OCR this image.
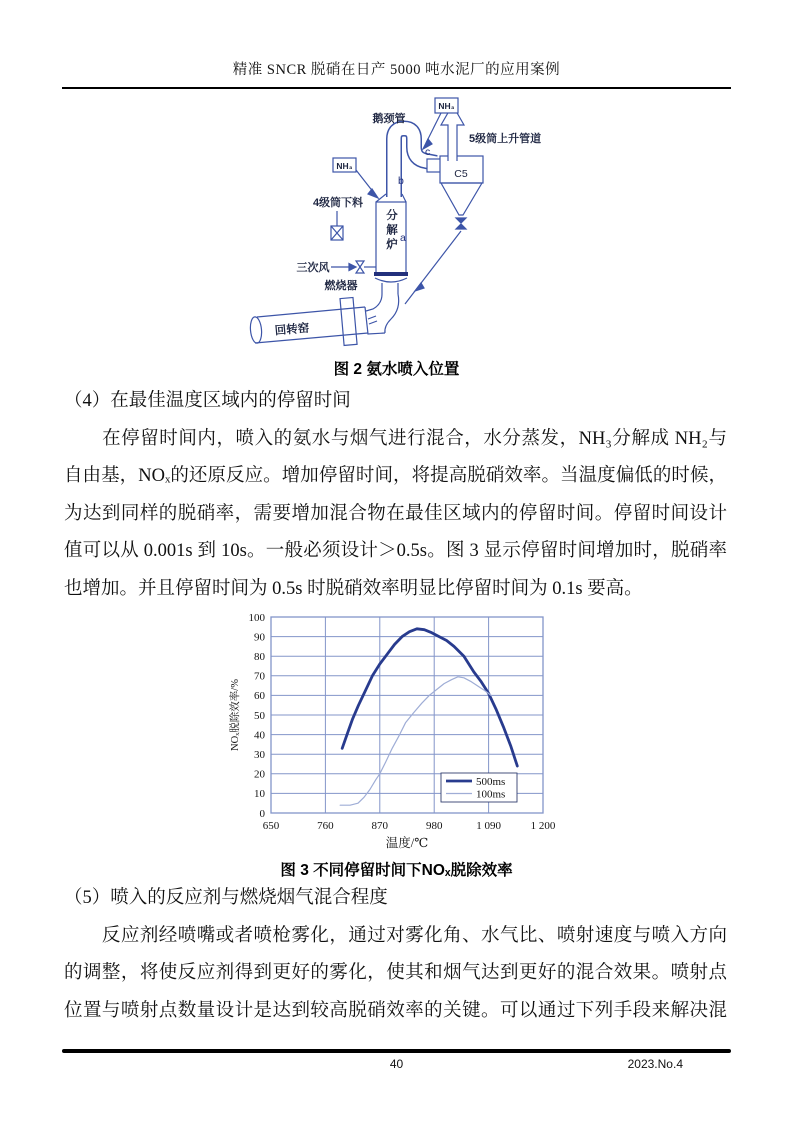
精准 SNCR 脱硝在日产 5000 吨水泥厂的应用案例
NH₃
NH₃
鹅颈管
5级筒上升管道
C5
4级筒下料
分解炉
三次风
燃烧器
回转窑
a
b
c
图 2 氨水喷入位置
（4）在最佳温度区域内的停留时间
　　在停留时间内，喷入的氨水与烟气进行混合，水分蒸发，NH₃分解成 NH₂与
自由基，NOₓ的还原反应。增加停留时间，将提高脱硝效率。当温度偏低的时候，
为达到同样的脱硝率，需要增加混合物在最佳区域内的停留时间。停留时间设计
值可以从 0.001s 到 10s。一般必须设计＞0.5s。图 3 显示停留时间增加时，脱硝率
也增加。并且停留时间为 0.5s 时脱硝效率明显比停留时间为 0.1s 要高。
0
10
20
30
40
50
60
70
80
90
100
650	760	870	980	1 090	1 200
500ms
100ms
温度/℃
NOₓ脱除效率/%
图 3 不同停留时间下NOₓ脱除效率
（5）喷入的反应剂与燃烧烟气混合程度
　　反应剂经喷嘴或者喷枪雾化，通过对雾化角、水气比、喷射速度与喷入方向
的调整，将使反应剂得到更好的雾化，使其和烟气达到更好的混合效果。喷射点
位置与喷射点数量设计是达到较高脱硝效率的关键。可以通过下列手段来解决混
40	2023.No.4
